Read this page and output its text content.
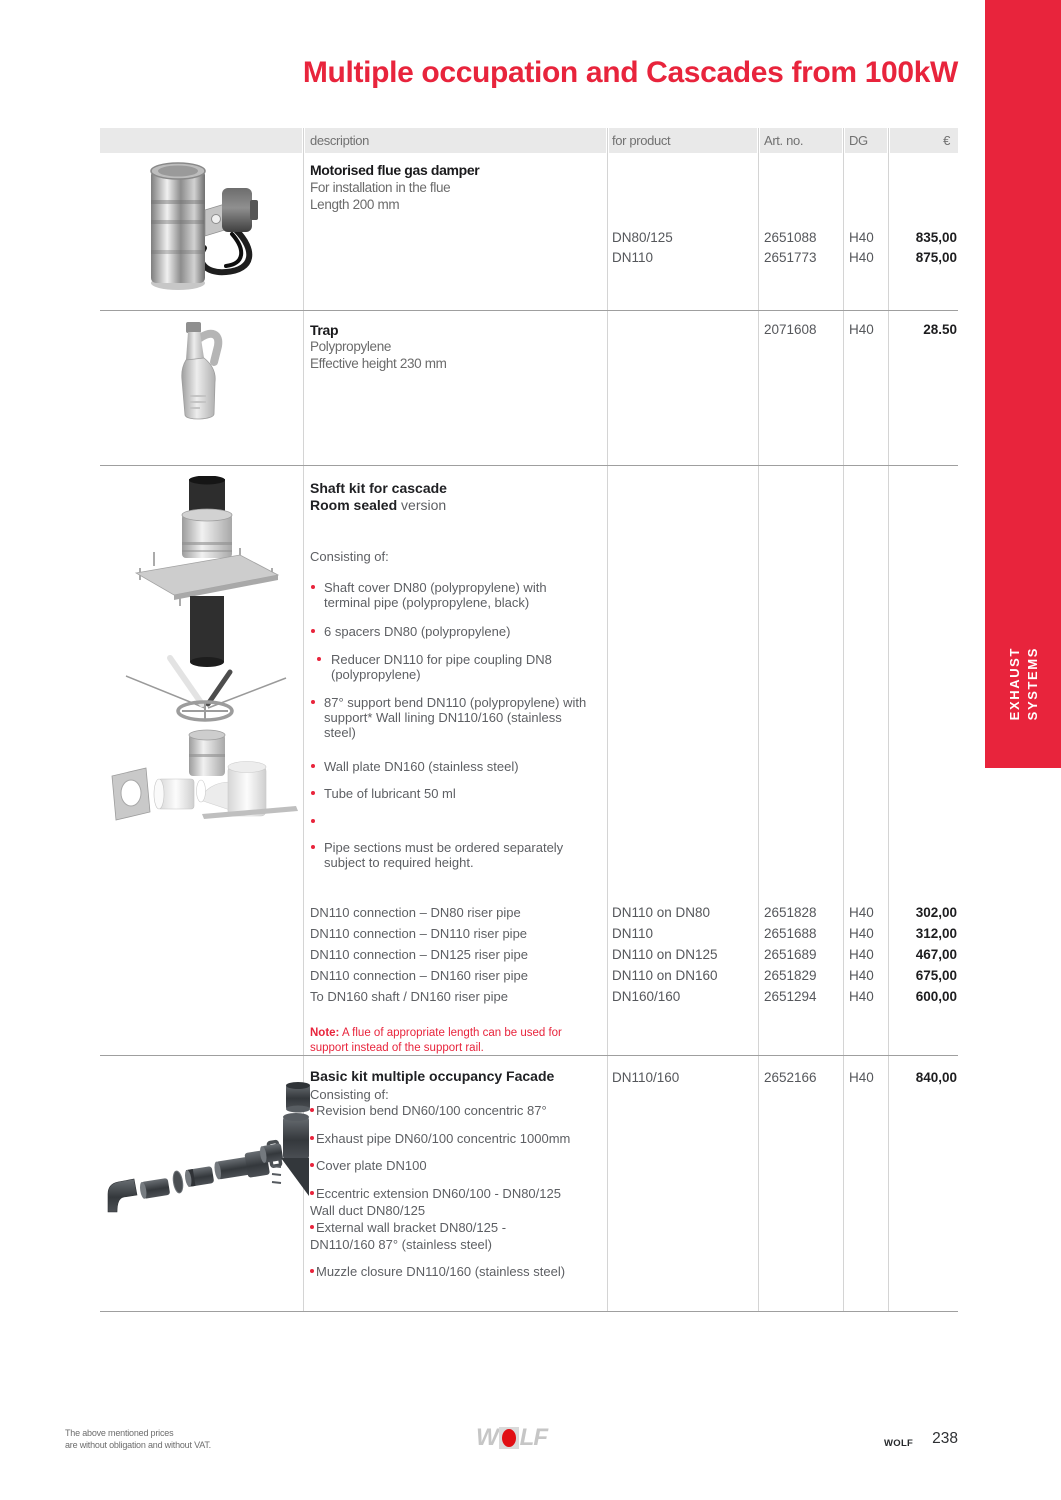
Multiple occupation and Cascades from 100kW
EXHAUST SYSTEMS
description	for product	Art. no.	DG	€
Motorised flue gas damper
For installation in the flue
Length 200 mm
DN80/125	2651088 H40	835,00
DN110	2651773 H40	875,00
Trap
Polypropylene
Effective height 230 mm
2071608 H40	28.50
Shaft kit for cascade
Room sealed version
Consisting of:
Shaft cover DN80 (polypropylene) with terminal pipe (polypropylene, black)
6 spacers DN80 (polypropylene)
Reducer DN110 for pipe coupling DN8 (polypropylene)
87° support bend DN110 (polypropylene) with support* Wall lining DN110/160 (stainless steel)
Wall plate DN160 (stainless steel)
Tube of lubricant 50 ml
Pipe sections must be ordered separately subject to required height.
DN110 connection – DN80 riser pipe	DN110 on DN80	2651828 H40	302,00
DN110 connection – DN110 riser pipe	DN110	2651688 H40	312,00
DN110 connection – DN125 riser pipe	DN110 on DN125	2651689 H40	467,00
DN110 connection – DN160 riser pipe	DN110 on DN160	2651829 H40	675,00
To DN160 shaft / DN160 riser pipe	DN160/160	2651294 H40	600,00
Note: A flue of appropriate length can be used for support instead of the support rail.
Basic kit multiple occupancy Facade
Consisting of:
Revision bend DN60/100 concentric 87°
Exhaust pipe DN60/100 concentric 1000mm
Cover plate DN100
Eccentric extension DN60/100 - DN80/125
Wall duct DN80/125
External wall bracket DN80/125 -
DN110/160 87° (stainless steel)
Muzzle closure DN110/160 (stainless steel)
DN110/160	2652166 H40	840,00
The above mentioned prices
are without obligation and without VAT.	W LF	WOLF 238
